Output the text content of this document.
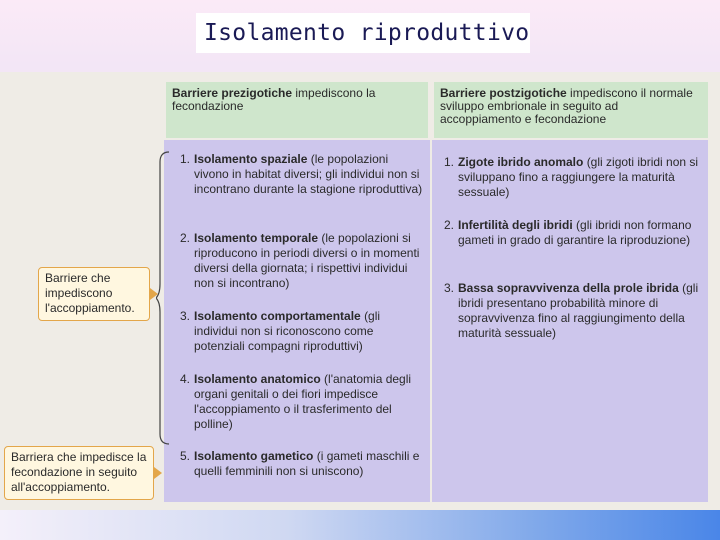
Isolamento riproduttivo
Barriere prezigotiche impediscono la fecondazione
Barriere postzigotiche impediscono il normale sviluppo embrionale in seguito ad accoppiamento e fecondazione
1. Isolamento spaziale (le popolazioni vivono in habitat diversi; gli individui non si incontrano durante la stagione riproduttiva)
2. Isolamento temporale (le popolazioni si riproducono in periodi diversi o in momenti diversi della giornata; i rispettivi individui non si incontrano)
3. Isolamento comportamentale (gli individui non si riconoscono come potenziali compagni riproduttivi)
4. Isolamento anatomico (l'anatomia degli organi genitali o dei fiori impedisce l'accoppiamento o il trasferimento del polline)
5. Isolamento gametico (i gameti maschili e quelli femminili non si uniscono)
1. Zigote ibrido anomalo (gli zigoti ibridi non si sviluppano fino a raggiungere la maturità sessuale)
2. Infertilità degli ibridi (gli ibridi non formano gameti in grado di garantire la riproduzione)
3. Bassa sopravvivenza della prole ibrida (gli ibridi presentano probabilità minore di sopravvivenza fino al raggiungimento della maturità sessuale)
Barriere che impediscono l'accoppiamento.
Barriera che impedisce la fecondazione in seguito all'accoppiamento.
